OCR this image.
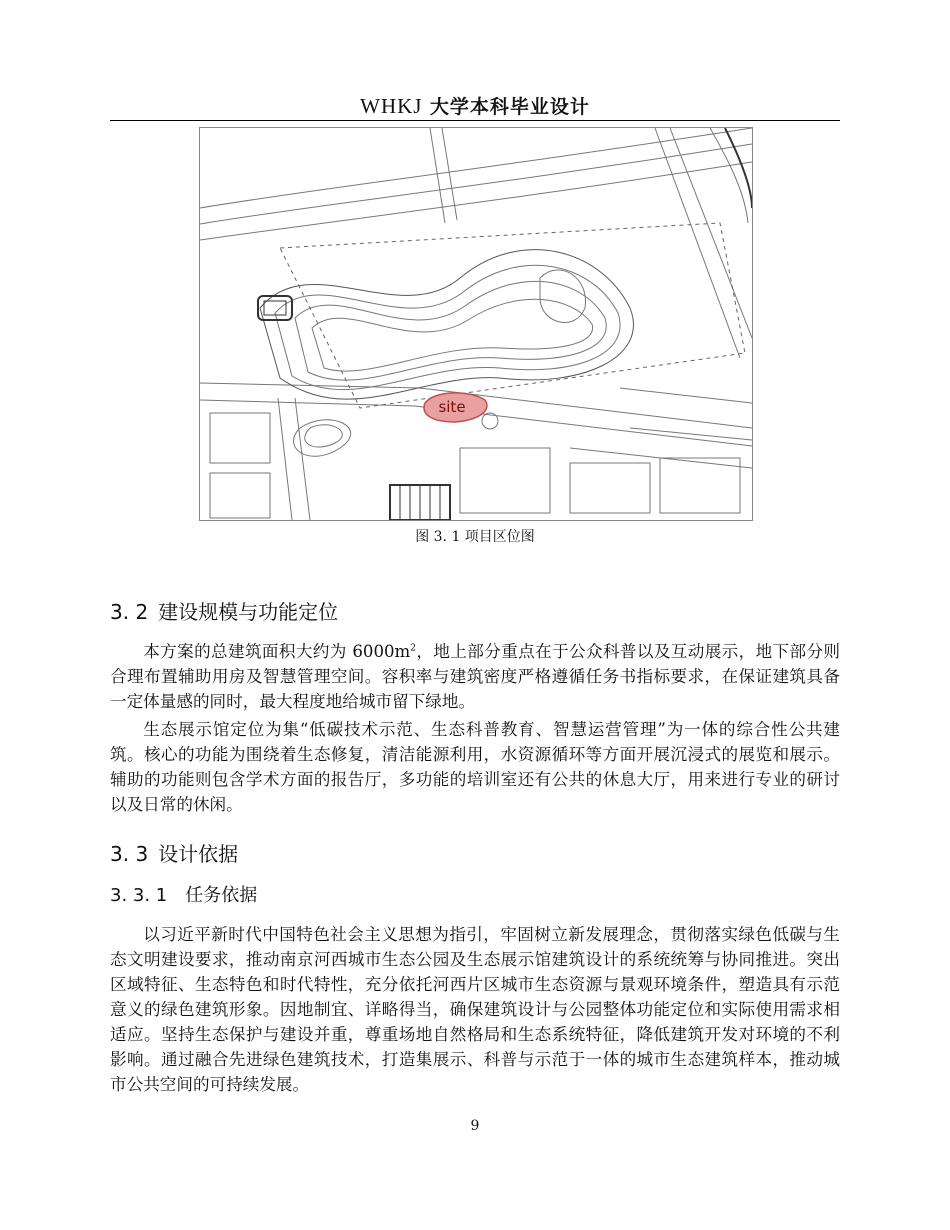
WHKJ 大学本科毕业设计
site
图 3. 1 项目区位图
3. 2 建设规模与功能定位

本方案的总建筑面积大约为 $6000m^2$，地上部分重点在于公众科普以及互动展示，地下部分则合理布置辅助用房及智慧管理空间。容积率与建筑密度严格遵循任务书指标要求，在保证建筑具备一定体量感的同时，最大程度地给城市留下绿地。

生态展示馆定位为集“低碳技术示范、生态科普教育、智慧运营管理”为一体的综合性公共建筑。核心的功能为围绕着生态修复，清洁能源利用，水资源循环等方面开展沉浸式的展览和展示。辅助的功能则包含学术方面的报告厅，多功能的培训室还有公共的休息大厅，用来进行专业的研讨以及日常的休闲。

3. 3 设计依据
3. 3. 1 任务依据

以习近平新时代中国特色社会主义思想为指引，牢固树立新发展理念，贯彻落实绿色低碳与生态文明建设要求，推动南京河西城市生态公园及生态展示馆建筑设计的系统统筹与协同推进。突出区域特征、生态特色和时代特性，充分依托河西片区城市生态资源与景观环境条件，塑造具有示范意义的绿色建筑形象。因地制宜、详略得当，确保建筑设计与公园整体功能定位和实际使用需求相适应。坚持生态保护与建设并重，尊重场地自然格局和生态系统特征，降低建筑开发对环境的不利影响。通过融合先进绿色建筑技术，打造集展示、科普与示范于一体的城市生态建筑样本，推动城市公共空间的可持续发展。

9
